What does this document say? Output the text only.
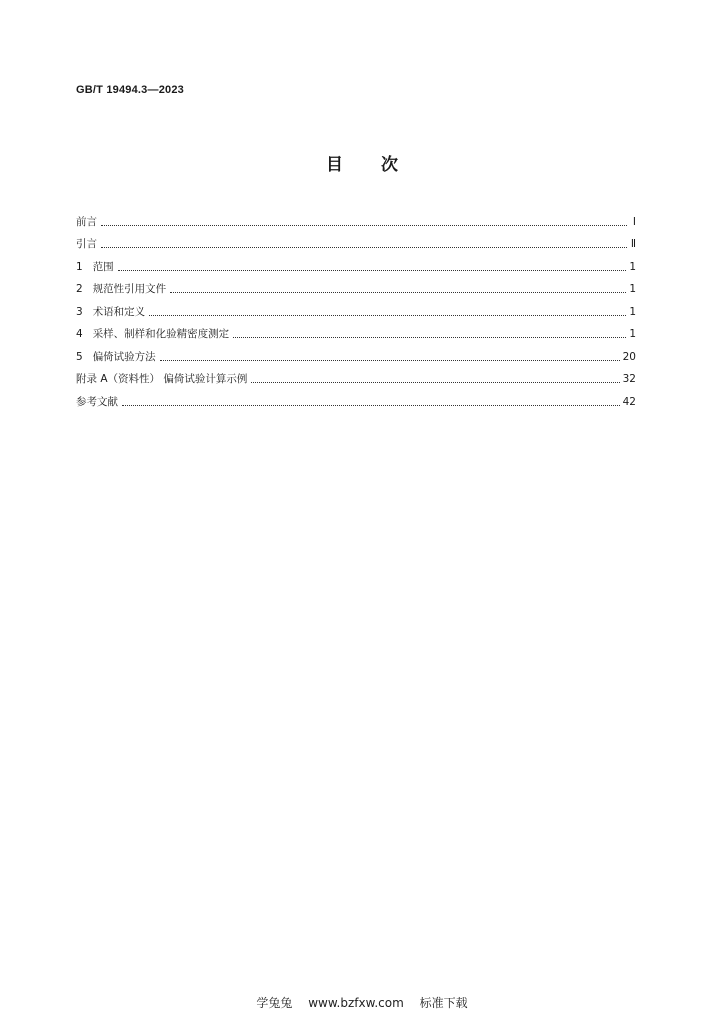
GB/T 19494.3—2023
目次
前言	Ⅰ
引言	Ⅱ
1 范围	1
2 规范性引用文件	1
3 术语和定义	1
4 采样、制样和化验精密度测定	1
5 偏倚试验方法	20
附录 A（资料性） 偏倚试验计算示例	32
参考文献	42
学兔兔 www.bzfxw.com 标准下载
